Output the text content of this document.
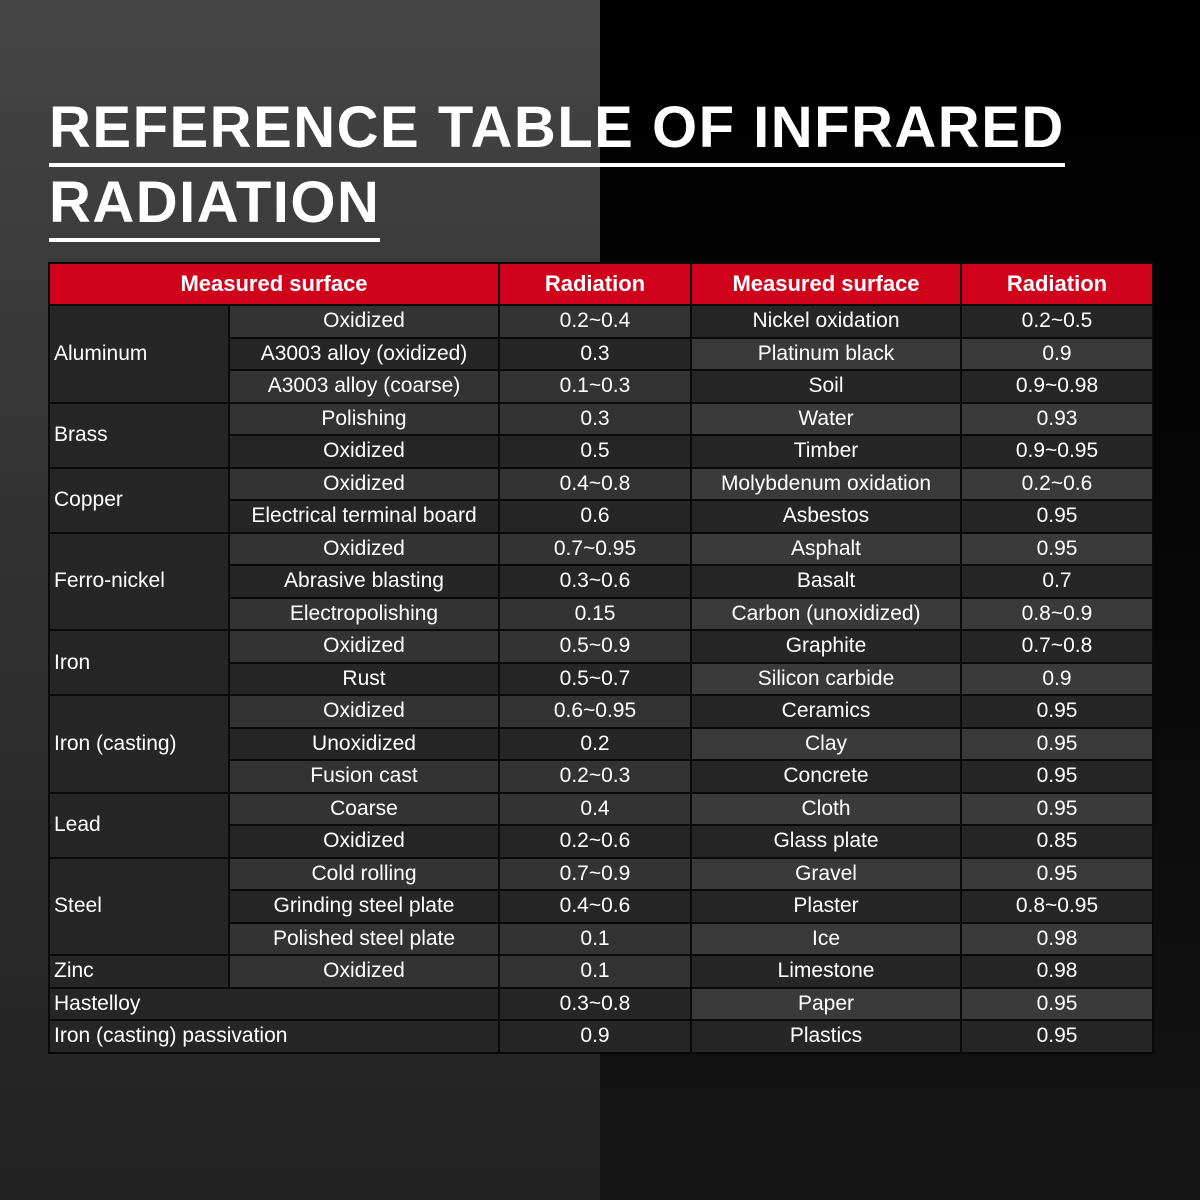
REFERENCE TABLE OF INFRARED
RADIATION
Measured surface		Radiation	Measured surface	Radiation
Aluminum	Oxidized	0.2~0.4	Nickel oxidation	0.2~0.5
	A3003 alloy (oxidized)	0.3	Platinum black	0.9
	A3003 alloy (coarse)	0.1~0.3	Soil	0.9~0.98
Brass	Polishing	0.3	Water	0.93
	Oxidized	0.5	Timber	0.9~0.95
Copper	Oxidized	0.4~0.8	Molybdenum oxidation	0.2~0.6
	Electrical terminal board	0.6	Asbestos	0.95
Ferro-nickel	Oxidized	0.7~0.95	Asphalt	0.95
	Abrasive blasting	0.3~0.6	Basalt	0.7
	Electropolishing	0.15	Carbon (unoxidized)	0.8~0.9
Iron	Oxidized	0.5~0.9	Graphite	0.7~0.8
	Rust	0.5~0.7	Silicon carbide	0.9
Iron (casting)	Oxidized	0.6~0.95	Ceramics	0.95
	Unoxidized	0.2	Clay	0.95
	Fusion cast	0.2~0.3	Concrete	0.95
Lead	Coarse	0.4	Cloth	0.95
	Oxidized	0.2~0.6	Glass plate	0.85
Steel	Cold rolling	0.7~0.9	Gravel	0.95
	Grinding steel plate	0.4~0.6	Plaster	0.8~0.95
	Polished steel plate	0.1	Ice	0.98
Zinc	Oxidized	0.1	Limestone	0.98
Hastelloy		0.3~0.8	Paper	0.95
Iron (casting) passivation		0.9	Plastics	0.95
